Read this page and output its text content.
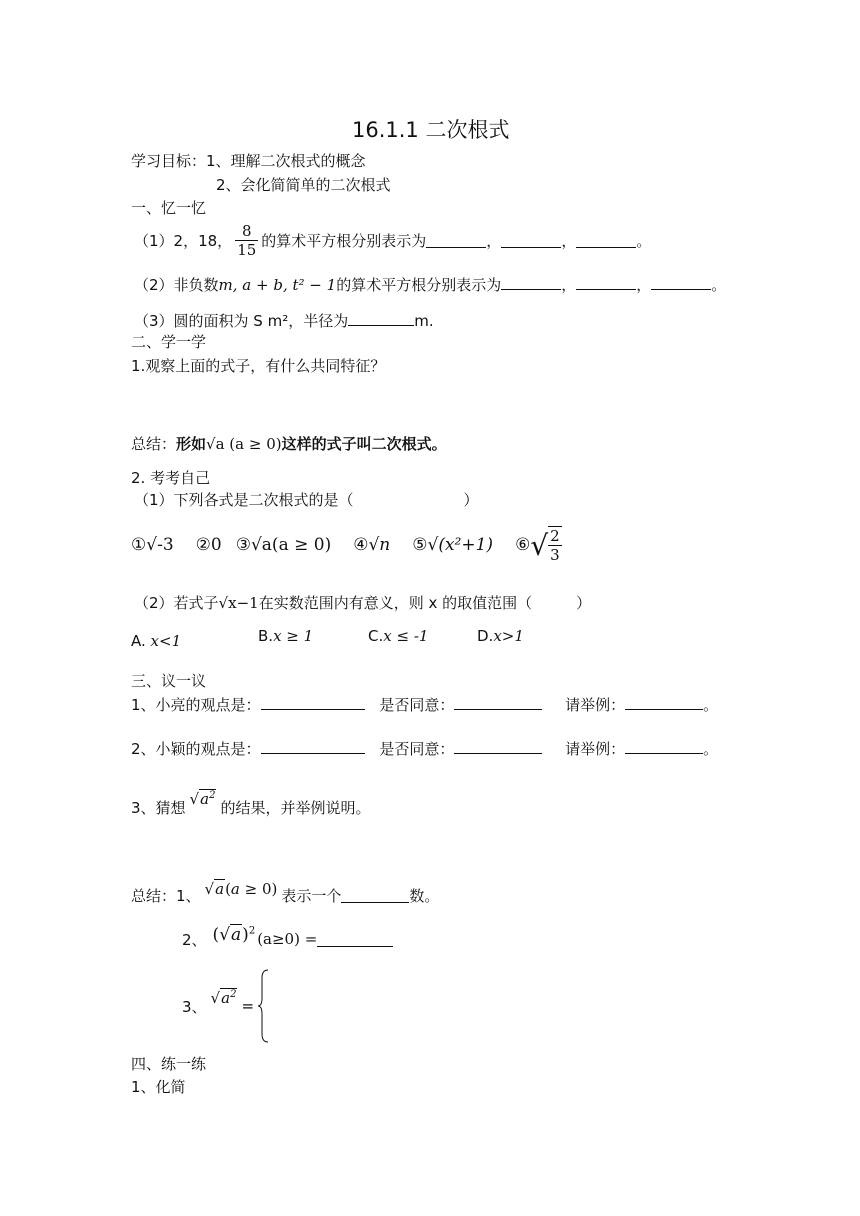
16.1.1 二次根式
学习目标：1、理解二次根式的概念
2、会化简简单的二次根式
一、忆一忆
（1）2，18， $\frac{8}{15}$ 的算术平方根分别表示为	，	，	。
（2）非负数m, a + b, t² − 1的算术平方根分别表示为	，	，	。
（3）圆的面积为 S m²，半径为	m.
二、学一学
1.观察上面的式子，有什么共同特征？
总结：形如√a (a ≥ 0)这样的式子叫二次根式。
2. 考考自己
（1）下列各式是二次根式的是（	）
① √-3 ②0 ③ √a(a ≥ 0) ④ √n ⑤ √(x²+1) ⑥ √ $\frac{2}{3}$
（2）若式子√x−1在实数范围内有意义，则 x 的取值范围（	）
A. x<1	B.x ≥ 1	C.x ≤ -1	D.x>1
三、议一议
1、小亮的观点是：	是否同意：	请举例：	。
2、小颖的观点是：	是否同意：	请举例：	。
3、猜想 $√a^2$
的结果，并举例说明。
总结：1、 √a(a ≥ 0) 表示一个	数。
2、 $(√a)^2$ (a≥0) =
3、 $√a^2$
=
四、练一练
1、化简
